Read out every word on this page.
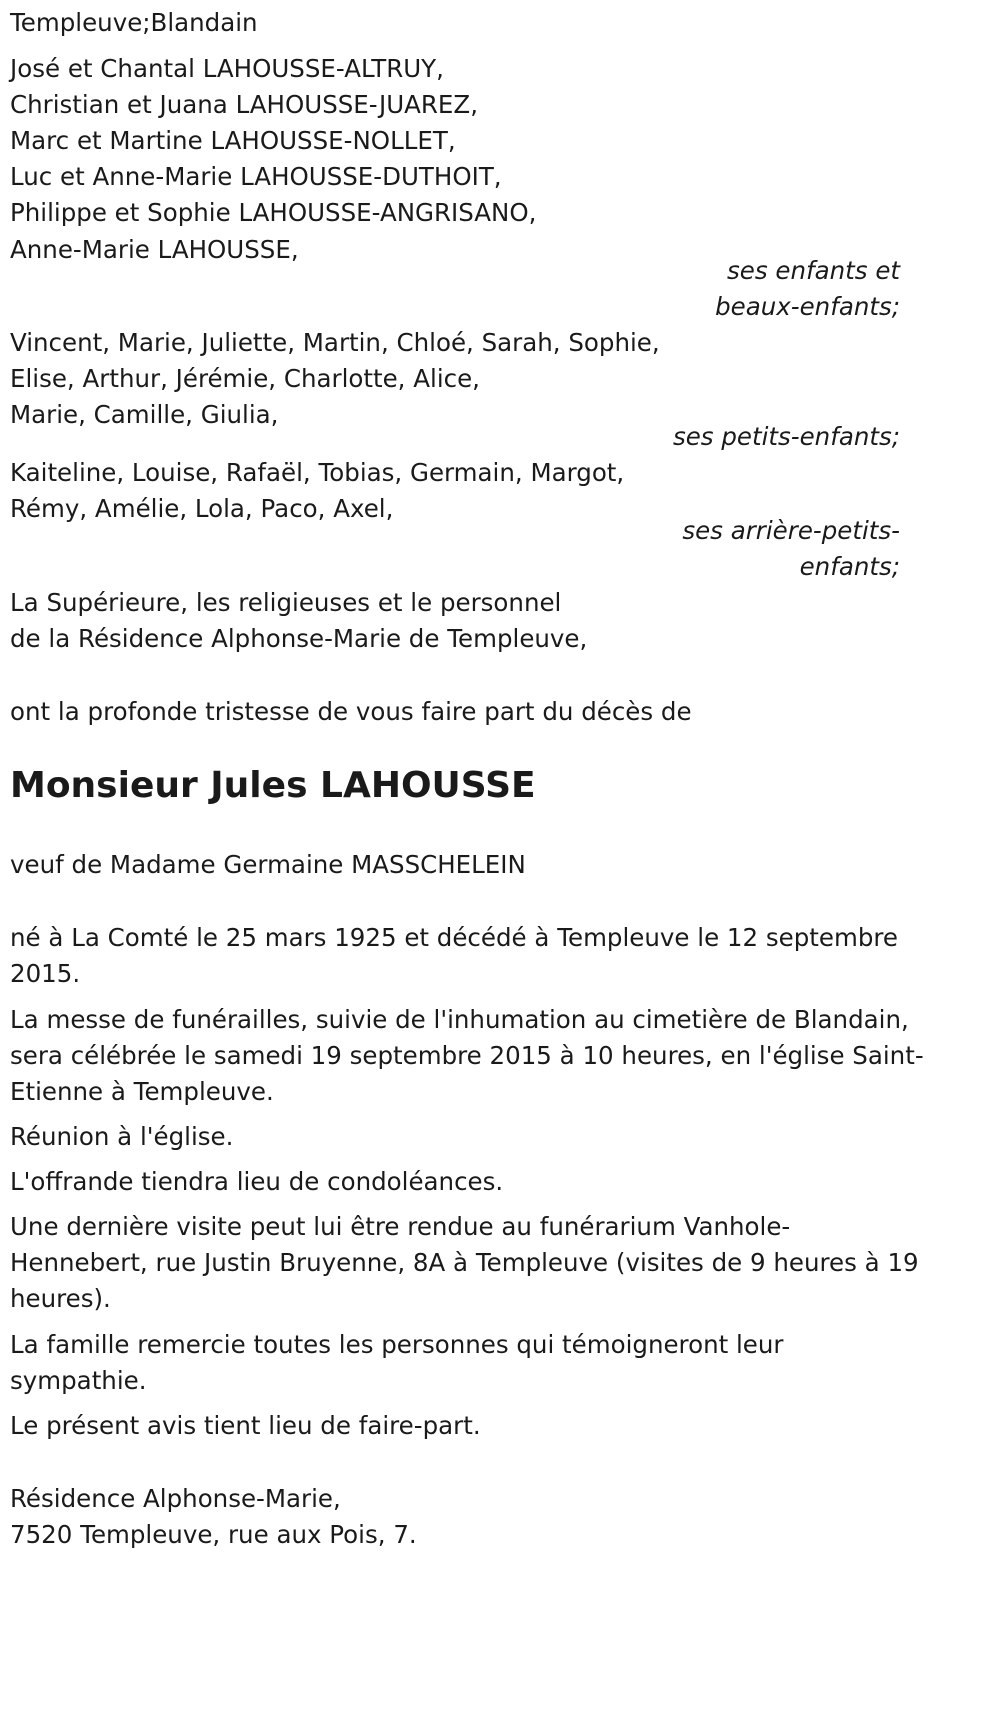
Templeuve;Blandain

José et Chantal LAHOUSSE-ALTRUY,

Christian et Juana LAHOUSSE-JUAREZ,

Marc et Martine LAHOUSSE-NOLLET,

Luc et Anne-Marie LAHOUSSE-DUTHOIT,

Philippe et Sophie LAHOUSSE-ANGRISANO,

Anne-Marie LAHOUSSE,

ses enfants et

beaux-enfants;

Vincent, Marie, Juliette, Martin, Chloé, Sarah, Sophie,

Elise, Arthur, Jérémie, Charlotte, Alice,

Marie, Camille, Giulia,

ses petits-enfants;

Kaiteline, Louise, Rafaël, Tobias, Germain, Margot,

Rémy, Amélie, Lola, Paco, Axel,

ses arrière-petits-

enfants;

La Supérieure, les religieuses et le personnel

de la Résidence Alphonse-Marie de Templeuve,

ont la profonde tristesse de vous faire part du décès de

Monsieur Jules LAHOUSSE

veuf de Madame Germaine MASSCHELEIN

né à La Comté le 25 mars 1925 et décédé à Templeuve le 12 septembre

2015.

La messe de funérailles, suivie de l'inhumation au cimetière de Blandain,

sera célébrée le samedi 19 septembre 2015 à 10 heures, en l'église Saint-

Etienne à Templeuve.

Réunion à l'église.

L'offrande tiendra lieu de condoléances.

Une dernière visite peut lui être rendue au funérarium Vanhole-

Hennebert, rue Justin Bruyenne, 8A à Templeuve (visites de 9 heures à 19

heures).

La famille remercie toutes les personnes qui témoigneront leur

sympathie.

Le présent avis tient lieu de faire-part.

Résidence Alphonse-Marie,

7520 Templeuve, rue aux Pois, 7.
